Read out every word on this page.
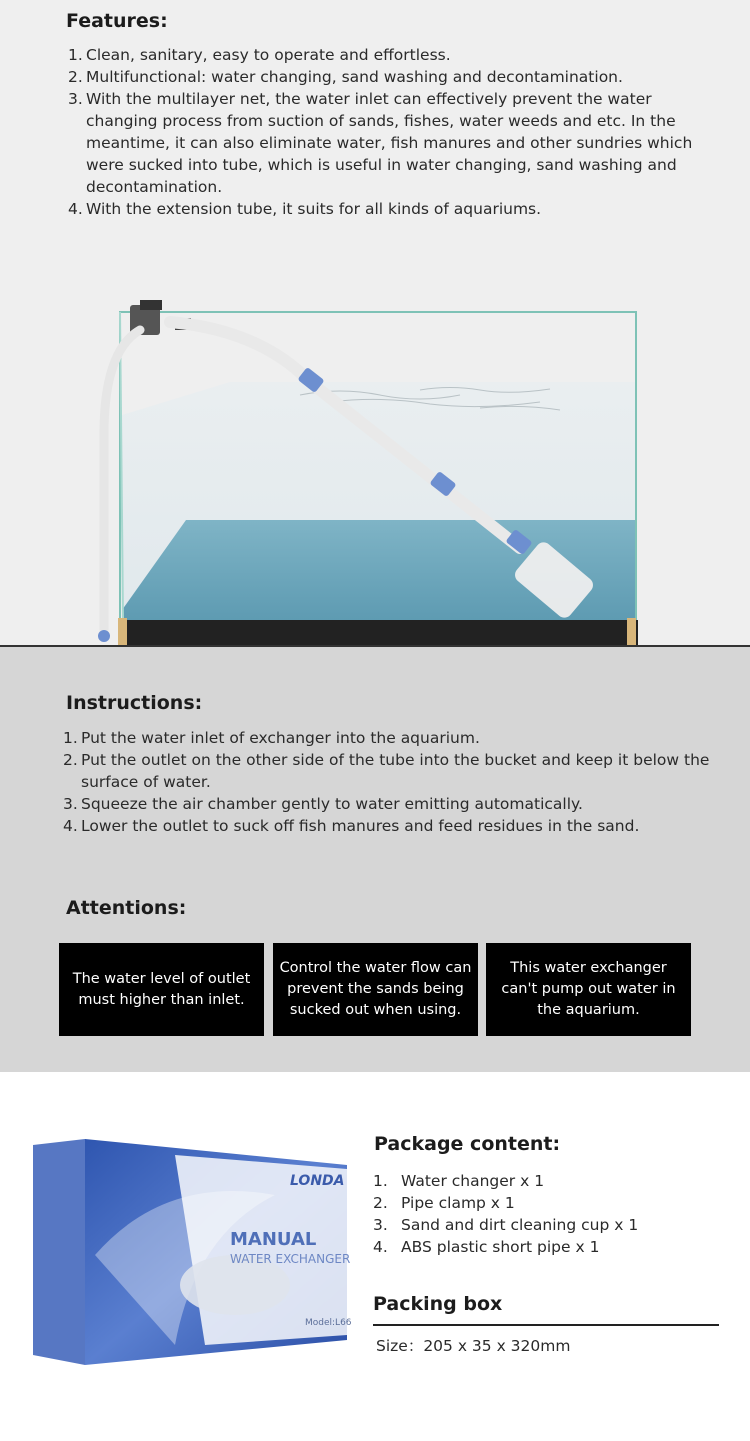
Features:
1. Clean, sanitary, easy to operate and effortless.
2. Multifunctional: water changing, sand washing and decontamination.
3. With the multilayer net, the water inlet can effectively prevent the water changing process from suction of sands, fishes, water weeds and etc. In the meantime, it can also eliminate water, fish manures and other sundries which were sucked into tube, which is useful in water changing, sand washing and decontamination.
4. With the extension tube, it suits for all kinds of aquariums.
Instructions:
1. Put the water inlet of exchanger into the aquarium.
2. Put the outlet on the other side of the tube into the bucket and keep it below the surface of water.
3. Squeeze the air chamber gently to water emitting automatically.
4. Lower the outlet to suck off fish manures and feed residues in the sand.
Attentions:
The water level of outlet must higher than inlet.
Control the water flow can prevent the sands being sucked out when using.
This water exchanger can't pump out water in the aquarium.
LONDA
MANUAL
WATER EXCHANGER
Model:L66
Package content:
1. Water changer x 1
2. Pipe clamp x 1
3. Sand and dirt cleaning cup x 1
4. ABS plastic short pipe x 1
Packing box
Size：205 x 35 x 320mm
